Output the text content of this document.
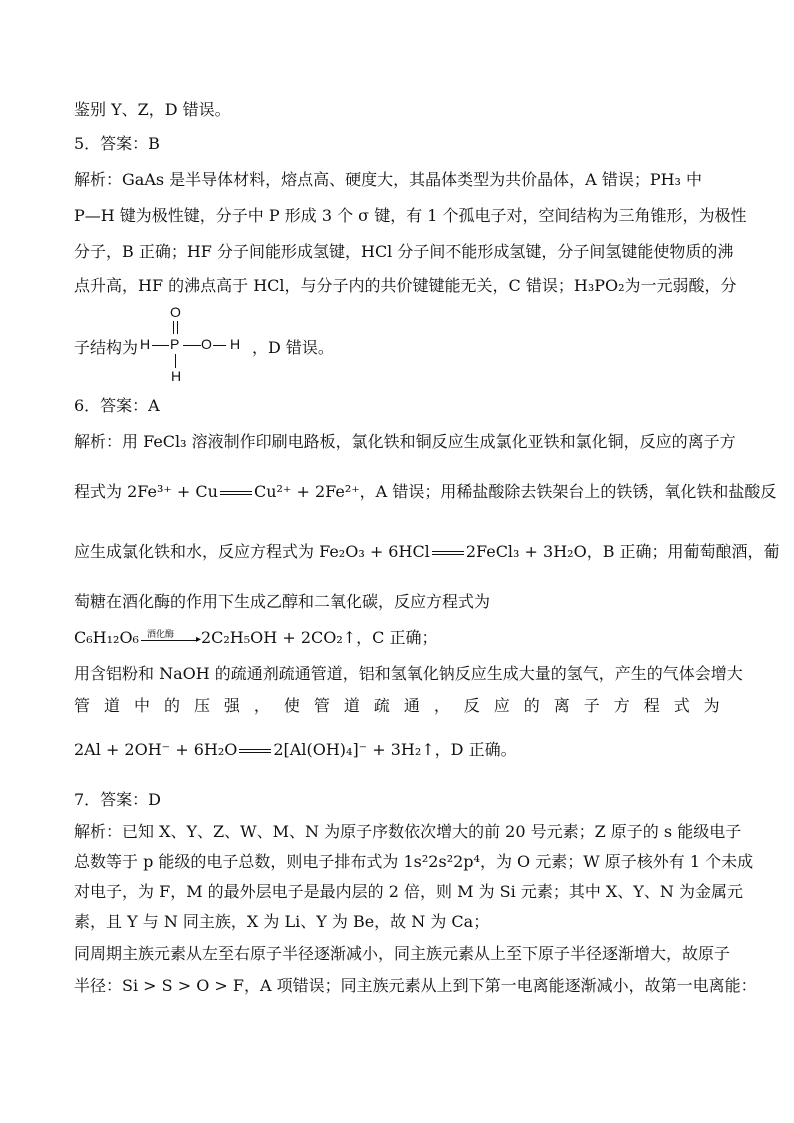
鉴别 Y、Z，D 错误。
5．答案：B
解析：GaAs 是半导体材料，熔点高、硬度大，其晶体类型为共价晶体，A 错误；PH₃ 中
P—H 键为极性键，分子中 P 形成 3 个 σ 键，有 1 个孤电子对，空间结构为三角锥形，为极性
分子，B 正确；HF 分子间能形成氢键，HCl 分子间不能形成氢键，分子间氢键能使物质的沸
点升高，HF 的沸点高于 HCl，与分子内的共价键键能无关，C 错误；H₃PO₂为一元弱酸，分
子结构为
O
H P O H
H
，D 错误。
6．答案：A
解析：用 FeCl₃ 溶液制作印刷电路板，氯化铁和铜反应生成氯化亚铁和氯化铜，反应的离子方
程式为 2Fe³⁺ + Cu Cu²⁺ + 2Fe²⁺，A 错误；用稀盐酸除去铁架台上的铁锈，氧化铁和盐酸反
应生成氯化铁和水，反应方程式为 Fe₂O₃ + 6HCl 2FeCl₃ + 3H₂O，B 正确；用葡萄酿酒，葡
萄糖在酒化酶的作用下生成乙醇和二氧化碳，反应方程式为
C₆H₁₂O₆ 酒化酶 ▸ 2C₂H₅OH + 2CO₂↑，C 正确；
用含铝粉和 NaOH 的疏通剂疏通管道，铝和氢氧化钠反应生成大量的氢气，产生的气体会增大
管 道 中 的 压 强 ， 使 管 道 疏 通 ， 反 应 的 离 子 方 程 式 为
2Al + 2OH⁻ + 6H₂O 2[Al(OH)₄]⁻ + 3H₂↑，D 正确。
7．答案：D
解析：已知 X、Y、Z、W、M、N 为原子序数依次增大的前 20 号元素；Z 原子的 s 能级电子
总数等于 p 能级的电子总数，则电子排布式为 1s²2s²2p⁴，为 O 元素；W 原子核外有 1 个未成
对电子，为 F，M 的最外层电子是最内层的 2 倍，则 M 为 Si 元素；其中 X、Y、N 为金属元
素，且 Y 与 N 同主族，X 为 Li、Y 为 Be，故 N 为 Ca；
同周期主族元素从左至右原子半径逐渐减小，同主族元素从上至下原子半径逐渐增大，故原子
半径：Si > S > O > F，A 项错误；同主族元素从上到下第一电离能逐渐减小，故第一电离能：
